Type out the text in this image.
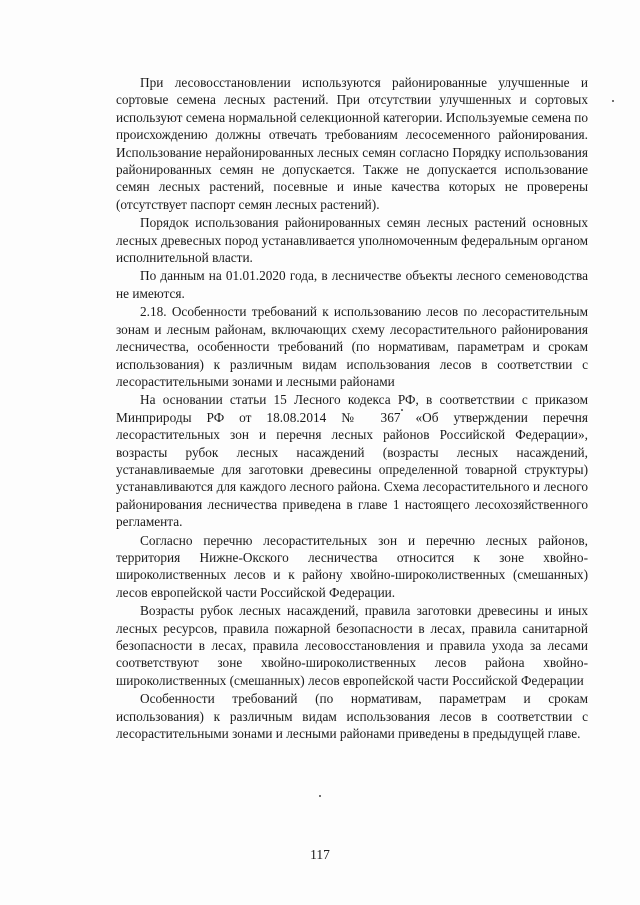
При лесовосстановлении используются районированные улучшенные и сортовые семена лесных растений. При отсутствии улучшенных и сортовых используют семена нормальной селекционной категории. Используемые семена по происхождению должны отвечать требованиям лесосеменного районирования. Использование нерайонированных лесных семян согласно Порядку использования районированных семян не допускается. Также не допускается использование семян лесных растений, посевные и иные качества которых не проверены (отсутствует паспорт семян лесных растений).

Порядок использования районированных семян лесных растений основных лесных древесных пород устанавливается уполномоченным федеральным органом исполнительной власти.

По данным на 01.01.2020 года, в лесничестве объекты лесного семеноводства не имеются.

2.18. Особенности требований к использованию лесов по лесорастительным зонам и лесным районам, включающих схему лесорастительного районирования лесничества, особенности требований (по нормативам, параметрам и срокам использования) к различным видам использования лесов в соответствии с лесорастительными зонами и лесными районами

На основании статьи 15 Лесного кодекса РФ, в соответствии с приказом Минприроды РФ от 18.08.2014 № 367 «Об утверждении перечня лесорастительных зон и перечня лесных районов Российской Федерации», возрасты рубок лесных насаждений (возрасты лесных насаждений, устанавливаемые для заготовки древесины определенной товарной структуры) устанавливаются для каждого лесного района. Схема лесорастительного и лесного районирования лесничества приведена в главе 1 настоящего лесохозяйственного регламента.

Согласно перечню лесорастительных зон и перечню лесных районов, территория Нижне-Окского лесничества относится к зоне хвойно-широколиственных лесов и к району хвойно-широколиственных (смешанных) лесов европейской части Российской Федерации.

Возрасты рубок лесных насаждений, правила заготовки древесины и иных лесных ресурсов, правила пожарной безопасности в лесах, правила санитарной безопасности в лесах, правила лесовосстановления и правила ухода за лесами соответствуют зоне хвойно-широколиственных лесов района хвойно-широколиственных (смешанных) лесов европейской части Российской Федерации

Особенности требований (по нормативам, параметрам и срокам использования) к различным видам использования лесов в соответствии с лесорастительными зонами и лесными районами приведены в предыдущей главе.

117
